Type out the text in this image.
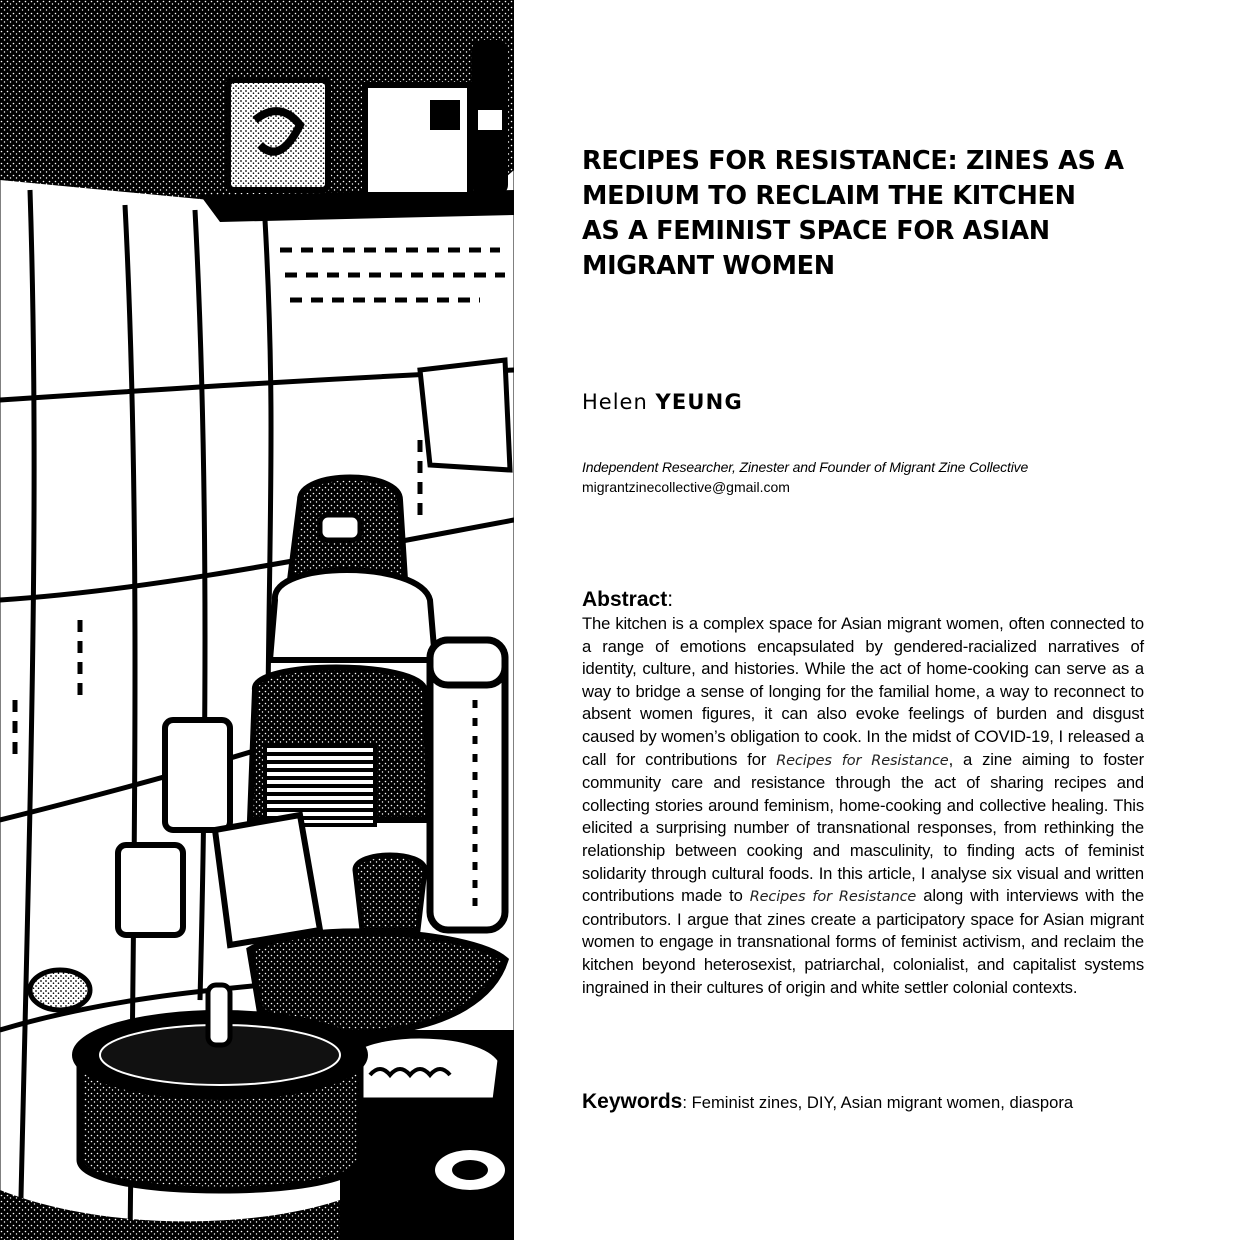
RECIPES FOR RESISTANCE: ZINES AS A
MEDIUM TO RECLAIM THE KITCHEN
AS A FEMINIST SPACE FOR ASIAN
MIGRANT WOMEN
Helen YEUNG
Independent Researcher, Zinester and Founder of Migrant Zine Collective
migrantzinecollective@gmail.com
Abstract:
The kitchen is a complex space for Asian migrant women, often connected to a range of emotions encapsulated by gendered-racialized narratives of identity, culture, and histories. While the act of home-cooking can serve as a way to bridge a sense of longing for the familial home, a way to reconnect to absent women figures, it can also evoke feelings of burden and disgust caused by women’s obligation to cook. In the midst of COVID-19, I released a call for contributions for Recipes for Resistance, a zine aiming to foster community care and resistance through the act of sharing recipes and collecting stories around feminism, home-cooking and collective healing. This elicited a surprising number of transnational responses, from rethinking the relationship between cooking and masculinity, to finding acts of feminist solidarity through cultural foods. In this article, I analyse six visual and written contributions made to Recipes for Resistance along with interviews with the contributors. I argue that zines create a participatory space for Asian migrant women to engage in transnational forms of feminist activism, and reclaim the kitchen beyond heterosexist, patriarchal, colonialist, and capitalist systems ingrained in their cultures of origin and white settler colonial contexts.
Keywords: Feminist zines, DIY, Asian migrant women, diaspora
